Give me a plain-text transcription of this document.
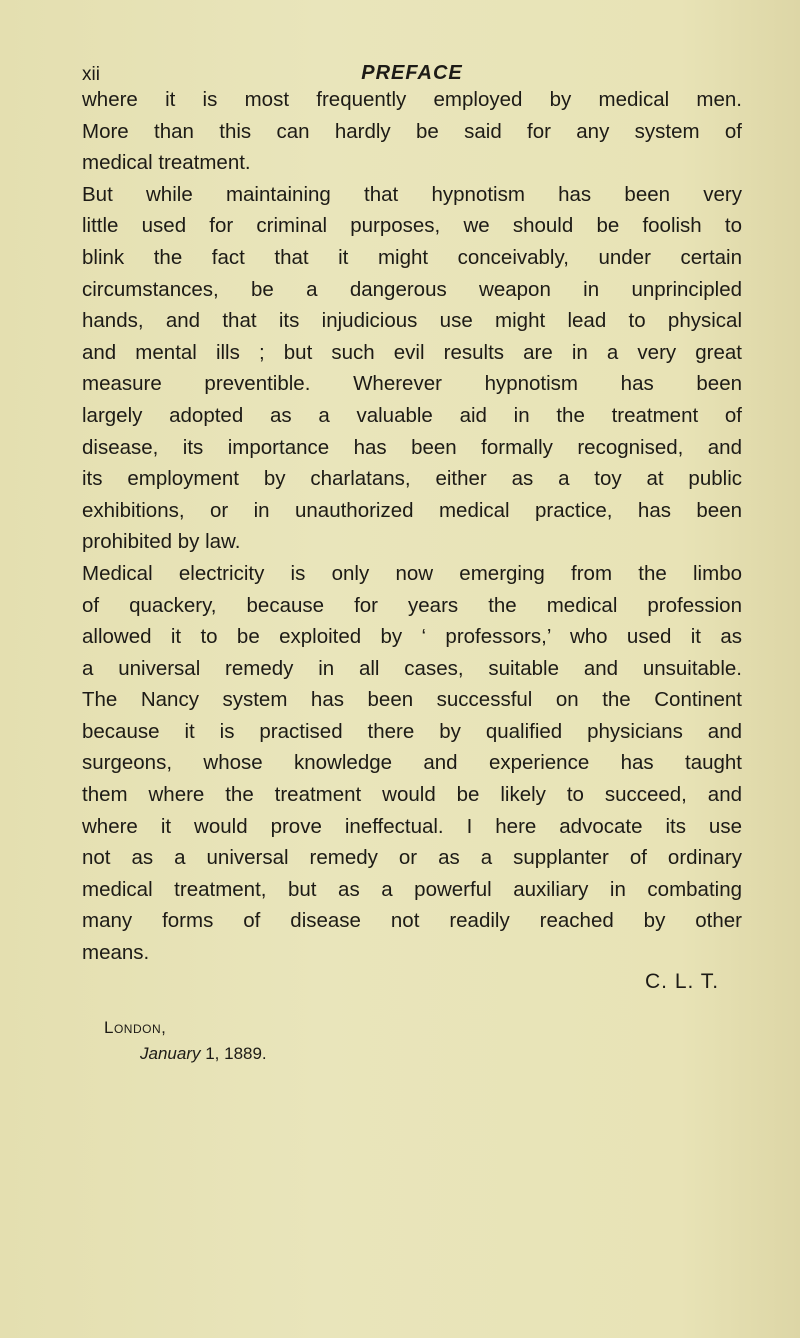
xii	PREFACE
where it is most frequently employed by medical men.
More than this can hardly be said for any system of
medical treatment.
But while maintaining that hypnotism has been very
little used for criminal purposes, we should be foolish to
blink the fact that it might conceivably, under certain
circumstances, be a dangerous weapon in unprincipled
hands, and that its injudicious use might lead to physical
and mental ills ; but such evil results are in a very great
measure preventible. Wherever hypnotism has been
largely adopted as a valuable aid in the treatment of
disease, its importance has been formally recognised, and
its employment by charlatans, either as a toy at public
exhibitions, or in unauthorized medical practice, has been
prohibited by law.
Medical electricity is only now emerging from the limbo
of quackery, because for years the medical profession
allowed it to be exploited by ‘ professors,’ who used it as
a universal remedy in all cases, suitable and unsuitable.
The Nancy system has been successful on the Continent
because it is practised there by qualified physicians and
surgeons, whose knowledge and experience has taught
them where the treatment would be likely to succeed, and
where it would prove ineffectual. I here advocate its use
not as a universal remedy or as a supplanter of ordinary
medical treatment, but as a powerful auxiliary in combating
many forms of disease not readily reached by other
means.
C. L. T.
London,
January 1, 1889.
